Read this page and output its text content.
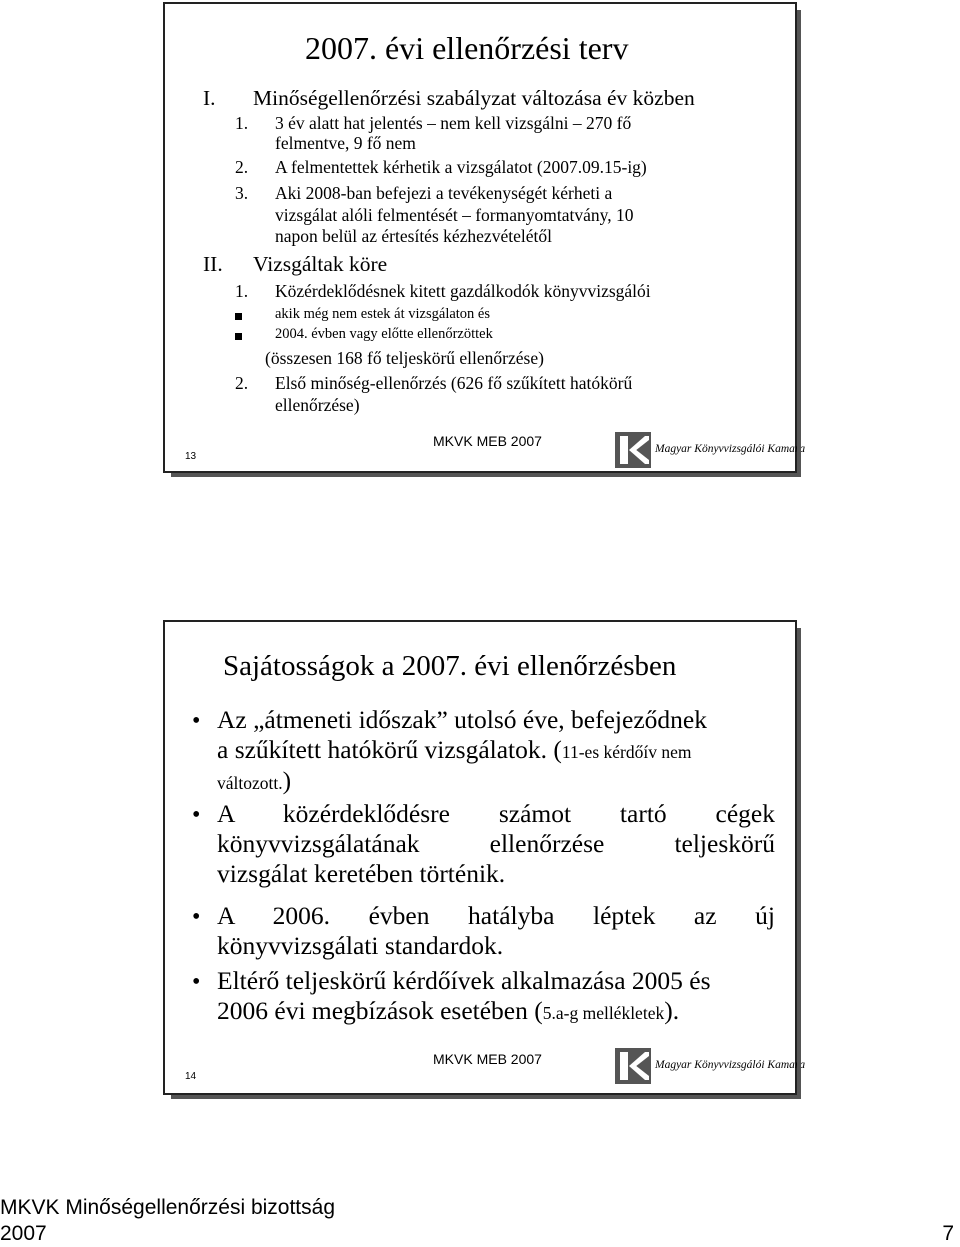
2007. évi ellenőrzési terv
I. Minőségellenőrzési szabályzat változása év közben
1. 3 év alatt hat jelentés – nem kell vizsgálni – 270 fő
felmentve, 9 fő nem
2. A felmentettek kérhetik a vizsgálatot (2007.09.15-ig)
3. Aki 2008-ban befejezi a tevékenységét kérheti a
vizsgálat alóli felmentését – formanyomtatvány, 10
napon belül az értesítés kézhezvételétől
II. Vizsgáltak köre
1. Közérdeklődésnek kitett gazdálkodók könyvvizsgálói
akik még nem estek át vizsgálaton és
2004. évben vagy előtte ellenőrzöttek
(összesen 168 fő teljeskörű ellenőrzése)
2. Első minőség-ellenőrzés (626 fő szűkített hatókörű
ellenőrzése)
MKVK MEB 2007
13
Magyar Könyvvizsgálói Kamara
Sajátosságok a 2007. évi ellenőrzésben
• Az „átmeneti időszak” utolsó éve, befejeződnek
a szűkített hatókörű vizsgálatok. (11-es kérdőív nem
változott.)
• A közérdeklődésre számot tartó cégek
könyvvizsgálatának ellenőrzése teljeskörű
vizsgálat keretében történik.
• A 2006. évben hatályba léptek az új
könyvvizsgálati standardok.
• Eltérő teljeskörű kérdőívek alkalmazása 2005 és
2006 évi megbízások esetében (5.a-g mellékletek).
MKVK MEB 2007
14
Magyar Könyvvizsgálói Kamara
MKVK Minőségellenőrzési bizottság
2007	7
